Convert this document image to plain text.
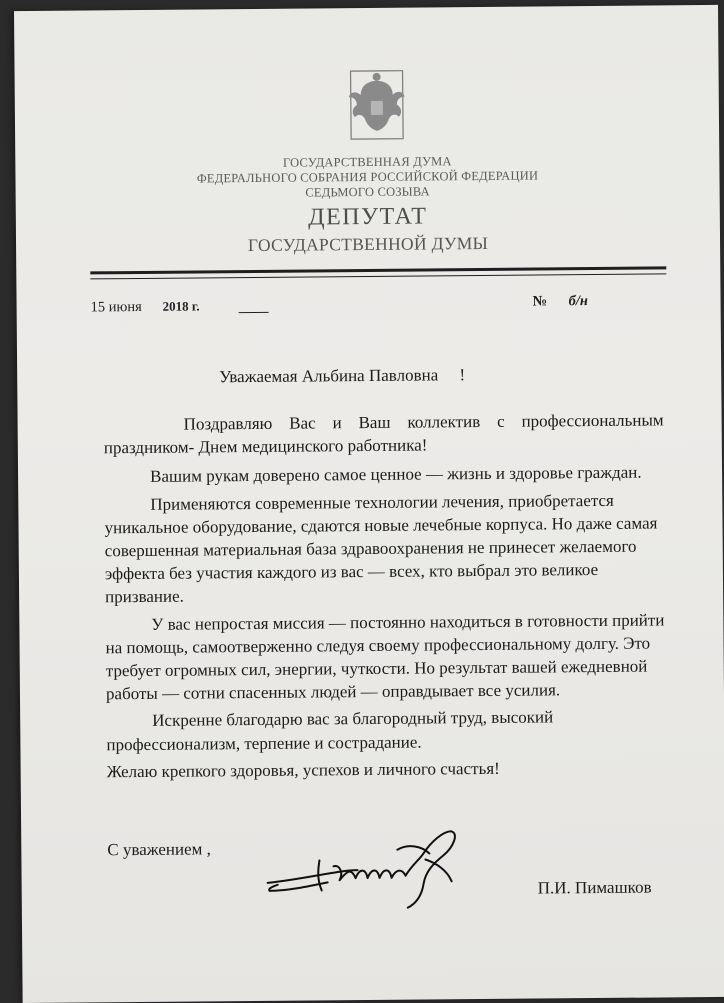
ГОСУДАРСТВЕННАЯ ДУМА
ФЕДЕРАЛЬНОГО СОБРАНИЯ РОССИЙСКОЙ ФЕДЕРАЦИИ
СЕДЬМОГО СОЗЫВА
ДЕПУТАТ
ГОСУДАРСТВЕННОЙ ДУМЫ
15 июня 2018 г.	№ б/н
Уважаемая Альбина Павловна     !

Поздравляю Вас и Ваш коллектив с профессиональным праздником- Днем медицинского работника!

Вашим рукам доверено самое ценное — жизнь и здоровье граждан.

Применяются современные технологии лечения, приобретается уникальное оборудование, сдаются новые лечебные корпуса. Но даже самая совершенная материальная база здравоохранения не принесет желаемого эффекта без участия каждого из вас — всех, кто выбрал это великое призвание.

У вас непростая миссия — постоянно находиться в готовности прийти на помощь, самоотверженно следуя своему профессиональному долгу. Это требует огромных сил, энергии, чуткости. Но результат вашей ежедневной работы — сотни спасенных людей — оправдывает все усилия.

Искренне благодарю вас за благородный труд, высокий профессионализм, терпение и сострадание.

Желаю крепкого здоровья, успехов и личного счастья!

С уважением ,
П.И. Пимашков
